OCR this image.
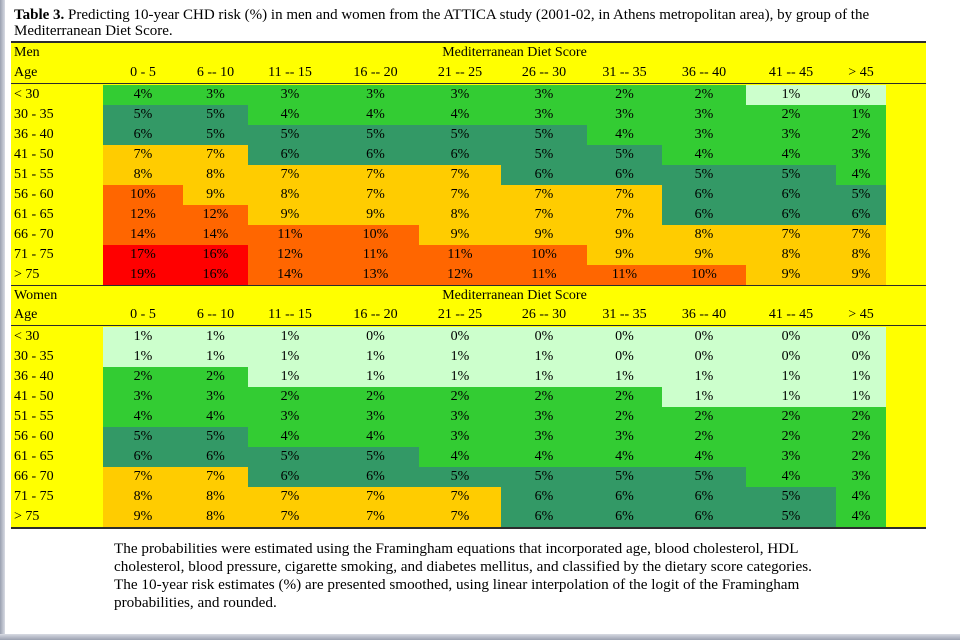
Table 3. Predicting 10-year CHD risk (%) in men and women from the ATTICA study (2001-02, in Athens metropolitan area), by group of the Mediterranean Diet Score.
Men	Mediterranean Diet Score
Age	0 - 5	6 -- 10	11 -- 15	16 -- 20	21 -- 25	26 -- 30	31 -- 35	36 -- 40	41 -- 45	> 45
< 30	4%	3%	3%	3%	3%	3%	2%	2%	1%	0%
30 - 35	5%	5%	4%	4%	4%	3%	3%	3%	2%	1%
36 - 40	6%	5%	5%	5%	5%	5%	4%	3%	3%	2%
41 - 50	7%	7%	6%	6%	6%	5%	5%	4%	4%	3%
51 - 55	8%	8%	7%	7%	7%	6%	6%	5%	5%	4%
56 - 60	10%	9%	8%	7%	7%	7%	7%	6%	6%	5%
61 - 65	12%	12%	9%	9%	8%	7%	7%	6%	6%	6%
66 - 70	14%	14%	11%	10%	9%	9%	9%	8%	7%	7%
71 - 75	17%	16%	12%	11%	11%	10%	9%	9%	8%	8%
> 75	19%	16%	14%	13%	12%	11%	11%	10%	9%	9%
Women	Mediterranean Diet Score
Age	0 - 5	6 -- 10	11 -- 15	16 -- 20	21 -- 25	26 -- 30	31 -- 35	36 -- 40	41 -- 45	> 45
< 30	1%	1%	1%	0%	0%	0%	0%	0%	0%	0%
30 - 35	1%	1%	1%	1%	1%	1%	0%	0%	0%	0%
36 - 40	2%	2%	1%	1%	1%	1%	1%	1%	1%	1%
41 - 50	3%	3%	2%	2%	2%	2%	2%	1%	1%	1%
51 - 55	4%	4%	3%	3%	3%	3%	2%	2%	2%	2%
56 - 60	5%	5%	4%	4%	3%	3%	3%	2%	2%	2%
61 - 65	6%	6%	5%	5%	4%	4%	4%	4%	3%	2%
66 - 70	7%	7%	6%	6%	5%	5%	5%	5%	4%	3%
71 - 75	8%	8%	7%	7%	7%	6%	6%	6%	5%	4%
> 75	9%	8%	7%	7%	7%	6%	6%	6%	5%	4%
The probabilities were estimated using the Framingham equations that incorporated age, blood cholesterol, HDL cholesterol, blood pressure, cigarette smoking, and diabetes mellitus, and classified by the dietary score categories. The 10-year risk estimates (%) are presented smoothed, using linear interpolation of the logit of the Framingham probabilities, and rounded.
